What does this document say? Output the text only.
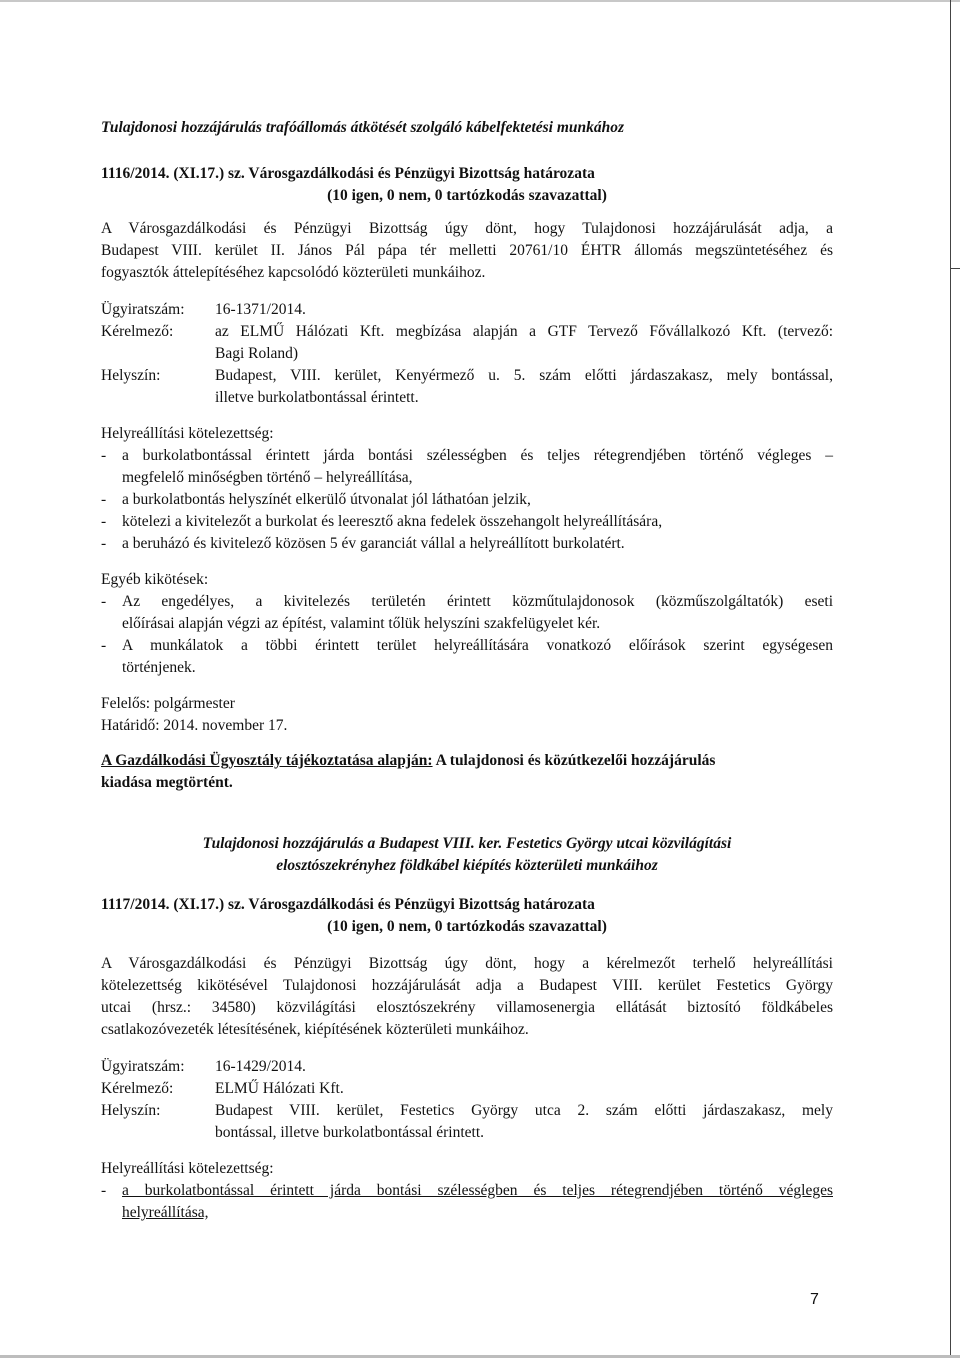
Tulajdonosi hozzájárulás trafóállomás átkötését szolgáló kábelfektetési munkához
1116/2014. (XI.17.) sz. Városgazdálkodási és Pénzügyi Bizottság határozata
(10 igen, 0 nem, 0 tartózkodás szavazattal)
A Városgazdálkodási és Pénzügyi Bizottság úgy dönt, hogy Tulajdonosi hozzájárulását adja, a
Budapest VIII. kerület II. János Pál pápa tér melletti 20761/10 ÉHTR állomás megszüntetéséhez és
fogyasztók áttelepítéséhez kapcsolódó közterületi munkáihoz.
Ügyiratszám: 16-1371/2014.
Kérelmező:	az ELMŰ Hálózati Kft. megbízása alapján a GTF Tervező Fővállalkozó Kft. (tervező:
Bagi Roland)
Helyszín:	Budapest, VIII. kerület, Kenyérmező u. 5. szám előtti járdaszakasz, mely bontással,
illetve burkolatbontással érintett.
Helyreállítási kötelezettség:
- a burkolatbontással érintett járda bontási szélességben és teljes rétegrendjében történő végleges –
megfelelő minőségben történő – helyreállítása,
- a burkolatbontás helyszínét elkerülő útvonalat jól láthatóan jelzik,
- kötelezi a kivitelezőt a burkolat és leeresztő akna fedelek összehangolt helyreállítására,
- a beruházó és kivitelező közösen 5 év garanciát vállal a helyreállított burkolatért.
Egyéb kikötések:
- Az engedélyes, a kivitelezés területén érintett közműtulajdonosok (közműszolgáltatók) eseti
előírásai alapján végzi az építést, valamint tőlük helyszíni szakfelügyelet kér.
- A munkálatok a többi érintett terület helyreállítására vonatkozó előírások szerint egységesen
történjenek.
Felelős: polgármester
Határidő: 2014. november 17.
A Gazdálkodási Ügyosztály tájékoztatása alapján: A tulajdonosi és közútkezelői hozzájárulás
kiadása megtörtént.
Tulajdonosi hozzájárulás a Budapest VIII. ker. Festetics György utcai közvilágítási
elosztószekrényhez földkábel kiépítés közterületi munkáihoz
1117/2014. (XI.17.) sz. Városgazdálkodási és Pénzügyi Bizottság határozata
(10 igen, 0 nem, 0 tartózkodás szavazattal)
A Városgazdálkodási és Pénzügyi Bizottság úgy dönt, hogy a kérelmezőt terhelő helyreállítási
kötelezettség kikötésével Tulajdonosi hozzájárulását adja a Budapest VIII. kerület Festetics György
utcai (hrsz.: 34580) közvilágítási elosztószekrény villamosenergia ellátását biztosító földkábeles
csatlakozóvezeték létesítésének, kiépítésének közterületi munkáihoz.
Ügyiratszám: 16-1429/2014.
Kérelmező:	ELMŰ Hálózati Kft.
Helyszín:	Budapest VIII. kerület, Festetics György utca 2. szám előtti járdaszakasz, mely
bontással, illetve burkolatbontással érintett.
Helyreállítási kötelezettség:
- a burkolatbontással érintett járda bontási szélességben és teljes rétegrendjében történő végleges
helyreállítása,
7
